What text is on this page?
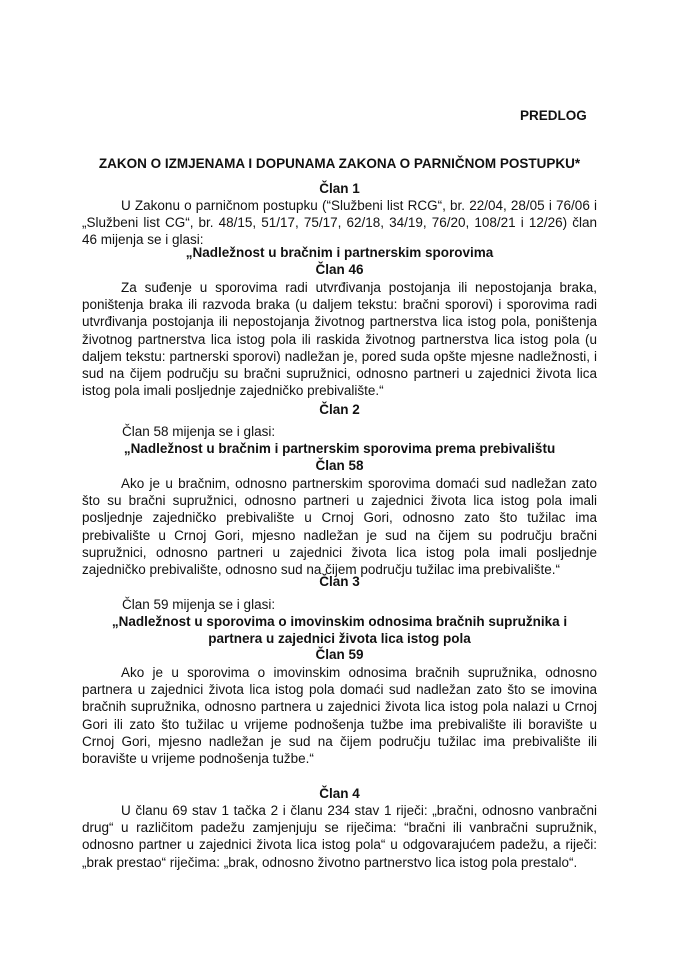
PREDLOG
ZAKON O IZMJENAMA I DOPUNAMA ZAKONA O PARNIČNOM POSTUPKU*
Član 1
U Zakonu o parničnom postupku (“Službeni list RCG“, br. 22/04, 28/05 i 76/06 i „Službeni list CG“, br. 48/15, 51/17, 75/17, 62/18, 34/19, 76/20, 108/21 i 12/26) član 46 mijenja se i glasi:
„Nadležnost u bračnim i partnerskim sporovima
Član 46
Za suđenje u sporovima radi utvrđivanja postojanja ili nepostojanja braka, poništenja braka ili razvoda braka (u daljem tekstu: bračni sporovi) i sporovima radi utvrđivanja postojanja ili nepostojanja životnog partnerstva lica istog pola, poništenja životnog partnerstva lica istog pola ili raskida životnog partnerstva lica istog pola (u daljem tekstu: partnerski sporovi) nadležan je, pored suda opšte mjesne nadležnosti, i sud na čijem području su bračni supružnici, odnosno partneri u zajednici života lica istog pola imali posljednje zajedničko prebivalište.“
Član 2
Član 58 mijenja se i glasi:
„Nadležnost u bračnim i partnerskim sporovima prema prebivalištu
Član 58
Ako je u bračnim, odnosno partnerskim sporovima domaći sud nadležan zato što su bračni supružnici, odnosno partneri u zajednici života lica istog pola imali posljednje zajedničko prebivalište u Crnoj Gori, odnosno zato što tužilac ima prebivalište u Crnoj Gori, mjesno nadležan je sud na čijem su području bračni supružnici, odnosno partneri u zajednici života lica istog pola imali posljednje zajedničko prebivalište, odnosno sud na čijem području tužilac ima prebivalište.“
Član 3
Član 59 mijenja se i glasi:
„Nadležnost u sporovima o imovinskim odnosima bračnih supružnika i
partnera u zajednici života lica istog pola
Član 59
Ako je u sporovima o imovinskim odnosima bračnih supružnika, odnosno partnera u zajednici života lica istog pola domaći sud nadležan zato što se imovina bračnih supružnika, odnosno partnera u zajednici života lica istog pola nalazi u Crnoj Gori ili zato što tužilac u vrijeme podnošenja tužbe ima prebivalište ili boravište u Crnoj Gori, mjesno nadležan je sud na čijem području tužilac ima prebivalište ili boravište u vrijeme podnošenja tužbe.“
Član 4
U članu 69 stav 1 tačka 2 i članu 234 stav 1 riječi: „bračni, odnosno vanbračni drug“ u različitom padežu zamjenjuju se riječima: “bračni ili vanbračni supružnik, odnosno partner u zajednici života lica istog pola“ u odgovarajućem padežu, a riječi: „brak prestao“ riječima: „brak, odnosno životno partnerstvo lica istog pola prestalo“.
